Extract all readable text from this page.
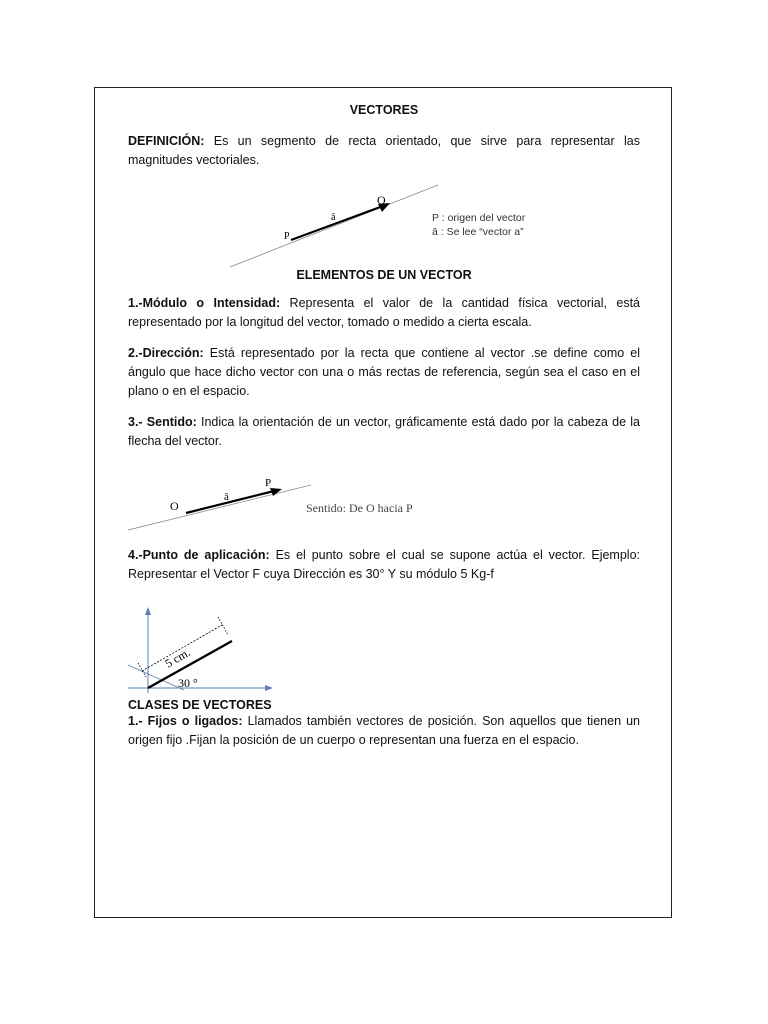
VECTORES

DEFINICIÓN: Es un segmento de recta orientado, que sirve para representar las magnitudes vectoriales.

ELEMENTOS DE UN VECTOR

1.-Módulo o Intensidad: Representa el valor de la cantidad física vectorial, está representado por la longitud del vector, tomado o medido a cierta escala.

2.-Dirección: Está representado por la recta que contiene al vector .se define como el ángulo que hace dicho vector con una o más rectas de referencia, según sea el caso en el plano o en el espacio.

3.- Sentido: Indica la orientación de un vector, gráficamente está dado por la cabeza de la flecha del vector.

4.-Punto de aplicación: Es el punto sobre el cual se supone actúa el vector. Ejemplo: Representar el Vector F cuya Dirección es 30° Y su módulo 5 Kg-f

CLASES DE VECTORES

1.- Fijos o ligados: Llamados también vectores de posición. Son aquellos que tienen un origen fijo .Fijan la posición de un cuerpo o representan una fuerza en el espacio.

O
P
ā	P : origen del vector
ā : Se lee “vector a”
O
P
ā
Sentido: De O hacia P
5 cm.
30 °
